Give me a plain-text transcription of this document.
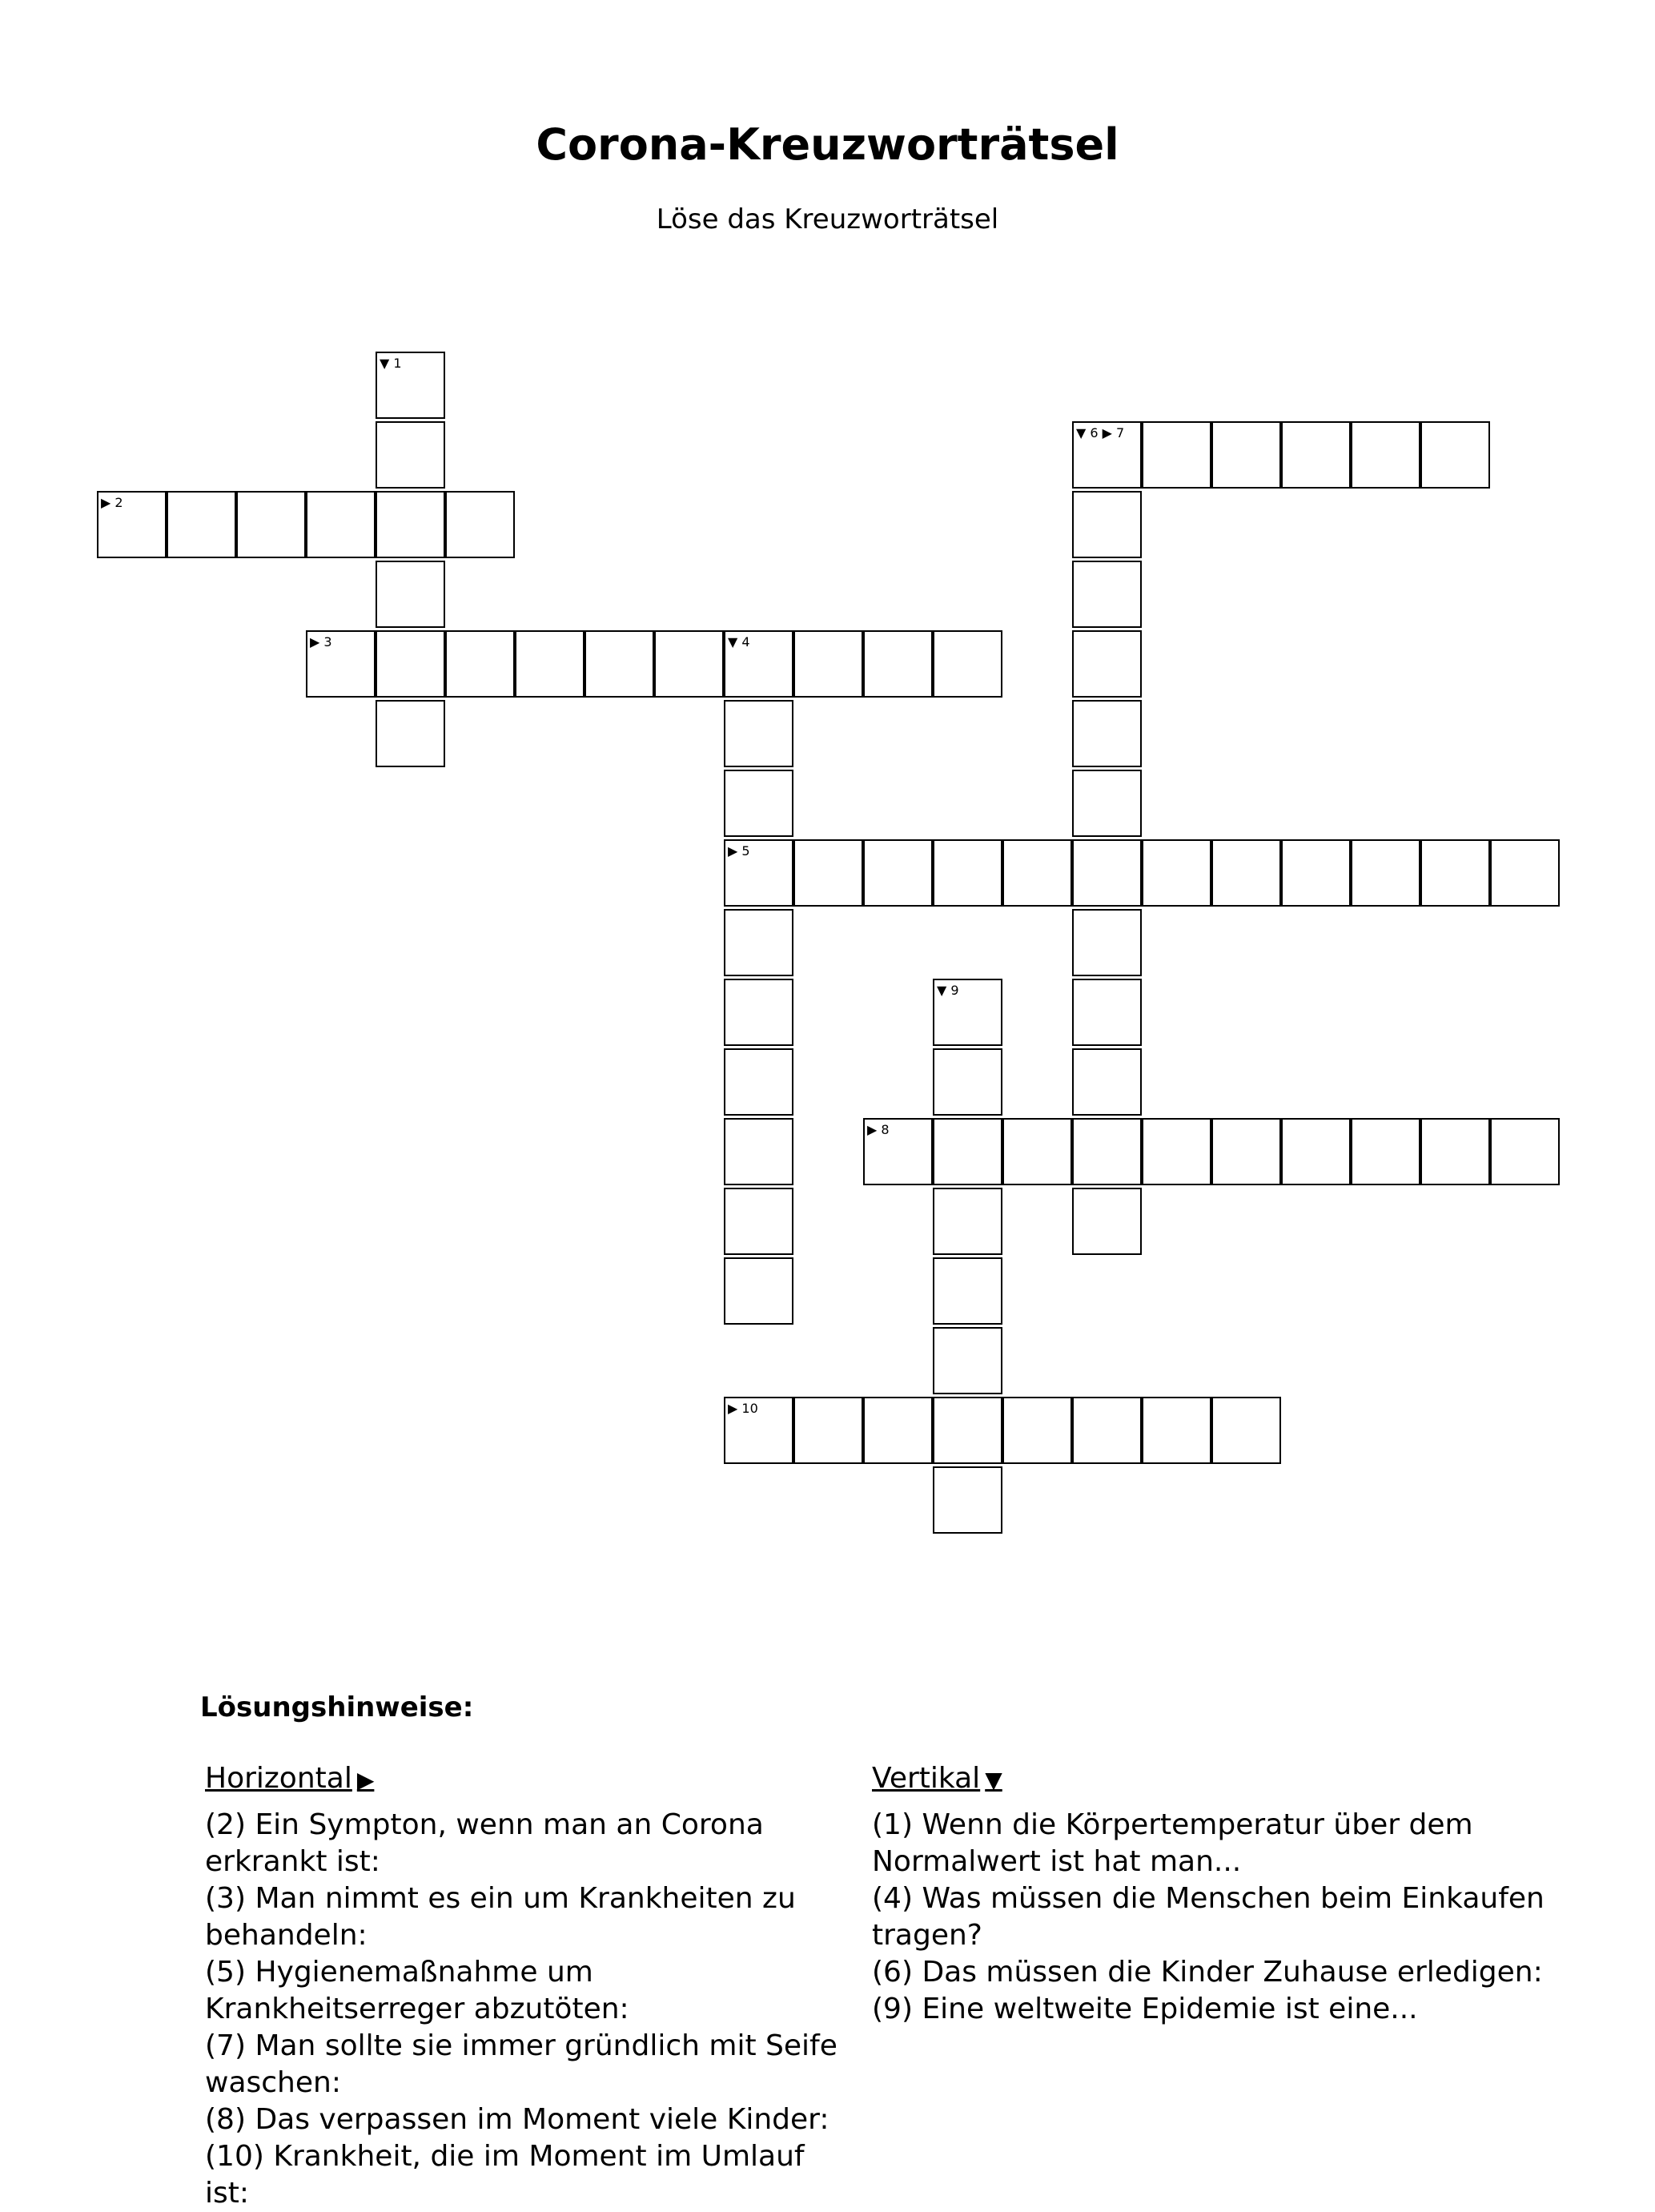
Corona-Kreuzworträtsel
Löse das Kreuzworträtsel
▼ 1
▶ 2
▶ 3	▼ 4
▶ 5
▼ 6 ▶ 7
▶ 8
▼ 9
▶ 10
Lösungshinweise:
Horizontal ▶

(2) Ein Sympton, wenn man an Corona erkrankt ist:

(3) Man nimmt es ein um Krankheiten zu behandeln:

(5) Hygienemaßnahme um Krankheitserreger abzutöten:

(7) Man sollte sie immer gründlich mit Seife waschen:

(8) Das verpassen im Moment viele Kinder:

(10) Krankheit, die im Moment im Umlauf ist:

Vertikal ▼

(1) Wenn die Körpertemperatur über dem Normalwert ist hat man...

(4) Was müssen die Menschen beim Einkaufen tragen?

(6) Das müssen die Kinder Zuhause erledigen:

(9) Eine weltweite Epidemie ist eine...
